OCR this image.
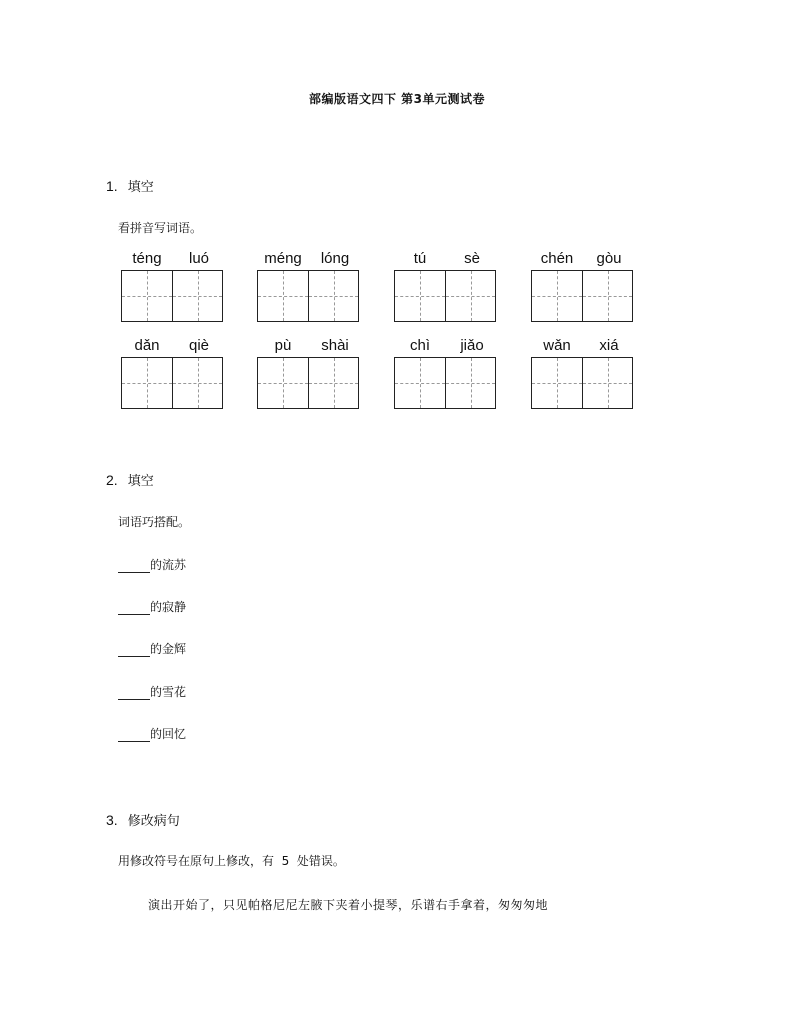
部编版语文四下 第3单元测试卷
1. 填空
看拼音写词语。
téng	luó	méng	lóng	tú	sè	chén	gòu
dǎn	qiè	pù	shài	chì	jiǎo	wǎn	xiá
2. 填空
词语巧搭配。
的流苏
的寂静
的金辉
的雪花
的回忆
3. 修改病句
用修改符号在原句上修改，有  5  处错误。
演出开始了，只见帕格尼尼左腋下夹着小提琴，乐谱右手拿着，匆匆匆地
